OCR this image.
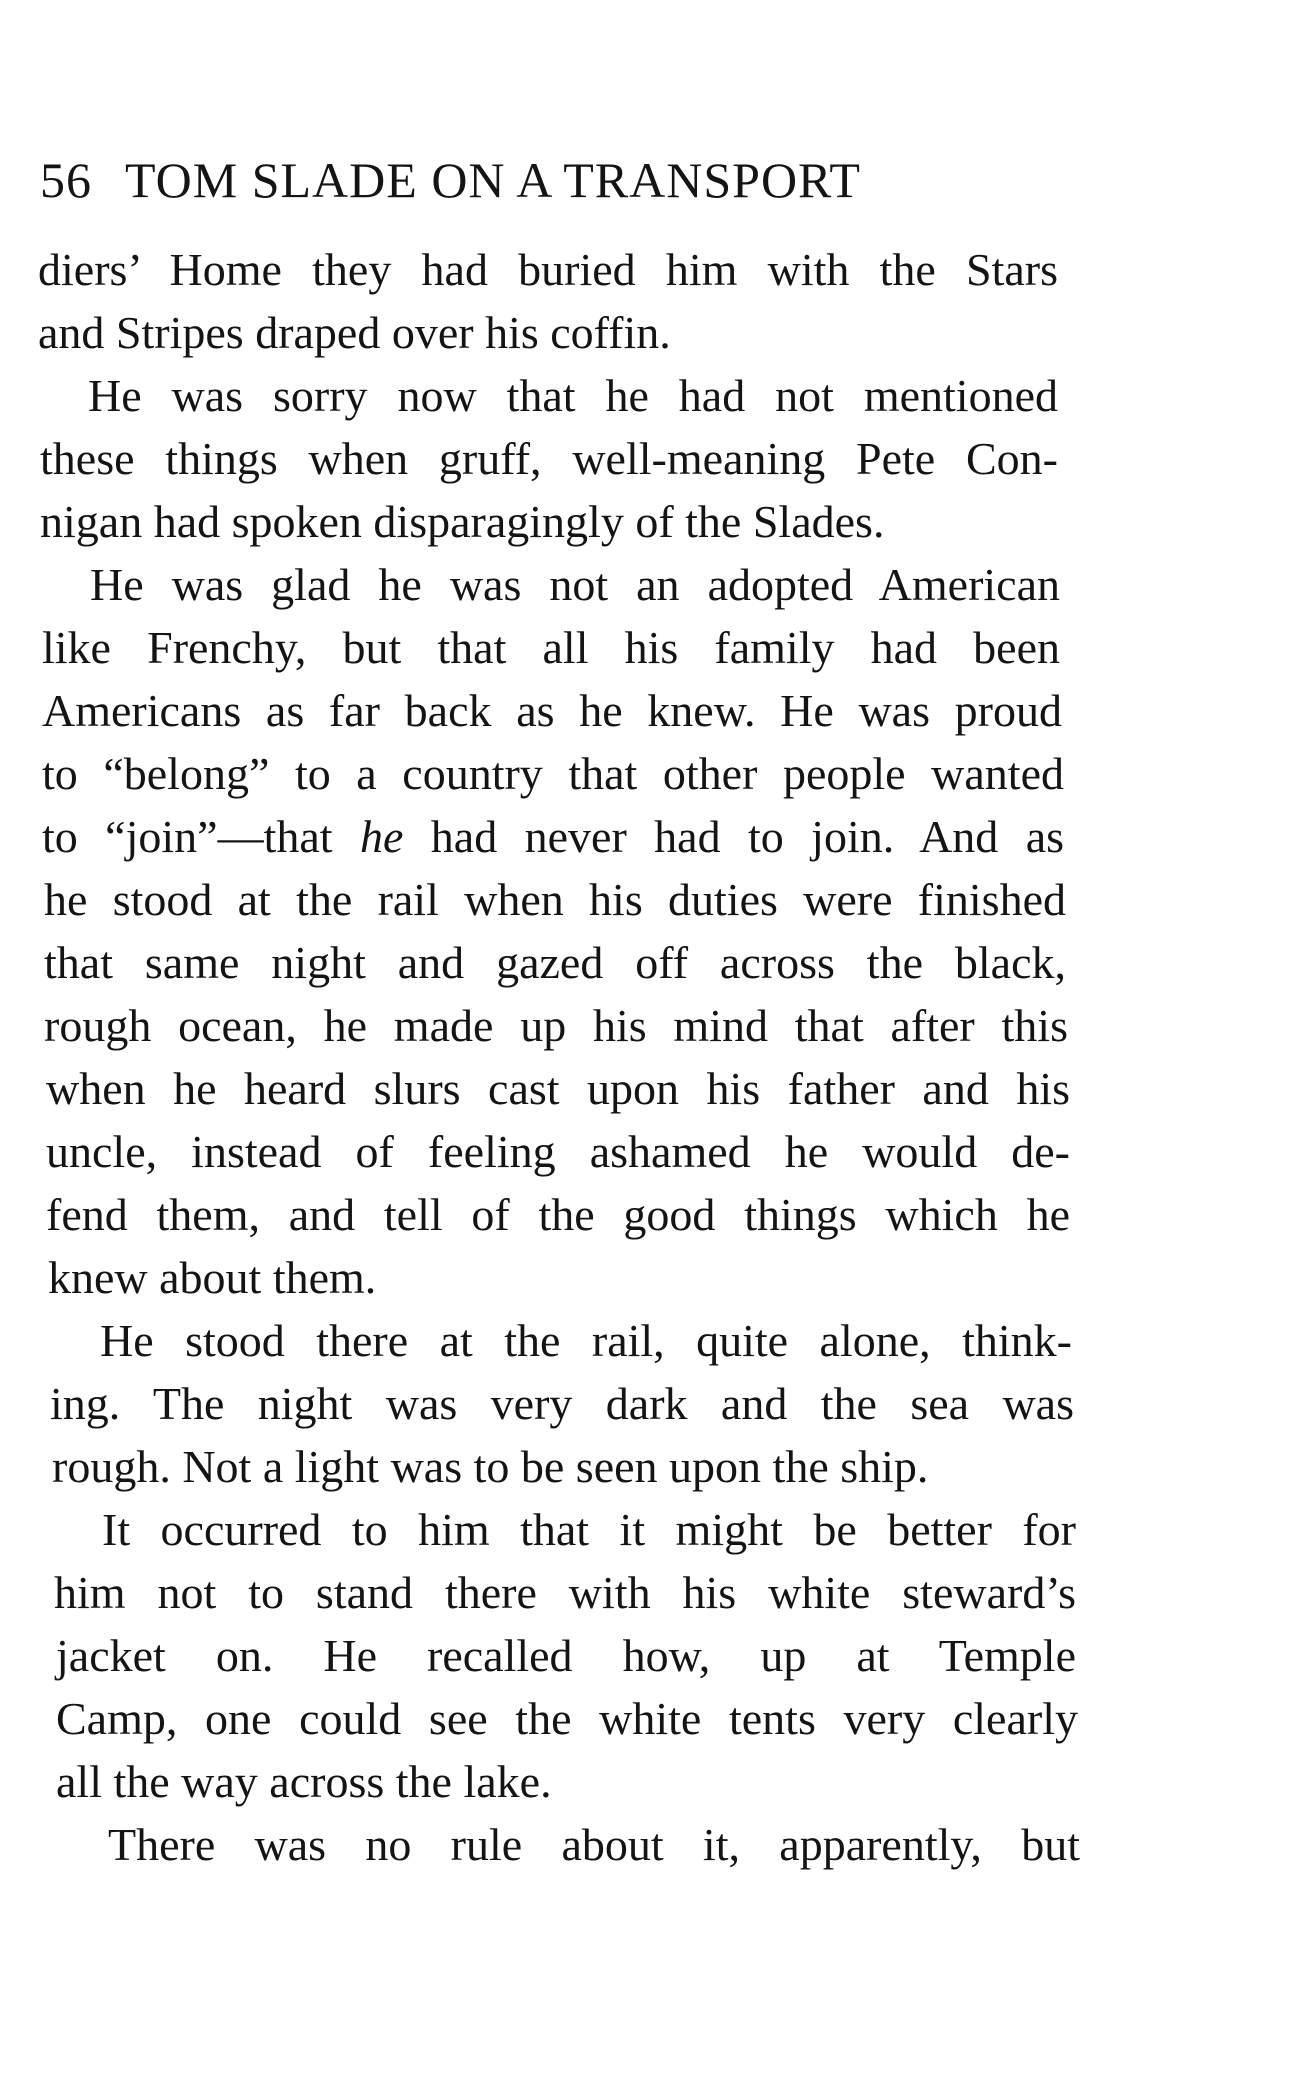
56 TOM SLADE ON A TRANSPORT
diers’ Home they had buried him with the Stars
and Stripes draped over his coffin.
He was sorry now that he had not mentioned
these things when gruff, well-meaning Pete Con-
nigan had spoken disparagingly of the Slades.
He was glad he was not an adopted American
like Frenchy, but that all his family had been
Americans as far back as he knew. He was proud
to “belong” to a country that other people wanted
to “join”—that he had never had to join. And as
he stood at the rail when his duties were finished
that same night and gazed off across the black,
rough ocean, he made up his mind that after this
when he heard slurs cast upon his father and his
uncle, instead of feeling ashamed he would de-
fend them, and tell of the good things which he
knew about them.
He stood there at the rail, quite alone, think-
ing. The night was very dark and the sea was
rough. Not a light was to be seen upon the ship.
It occurred to him that it might be better for
him not to stand there with his white steward’s
jacket on. He recalled how, up at Temple
Camp, one could see the white tents very clearly
all the way across the lake.
There was no rule about it, apparently, but
